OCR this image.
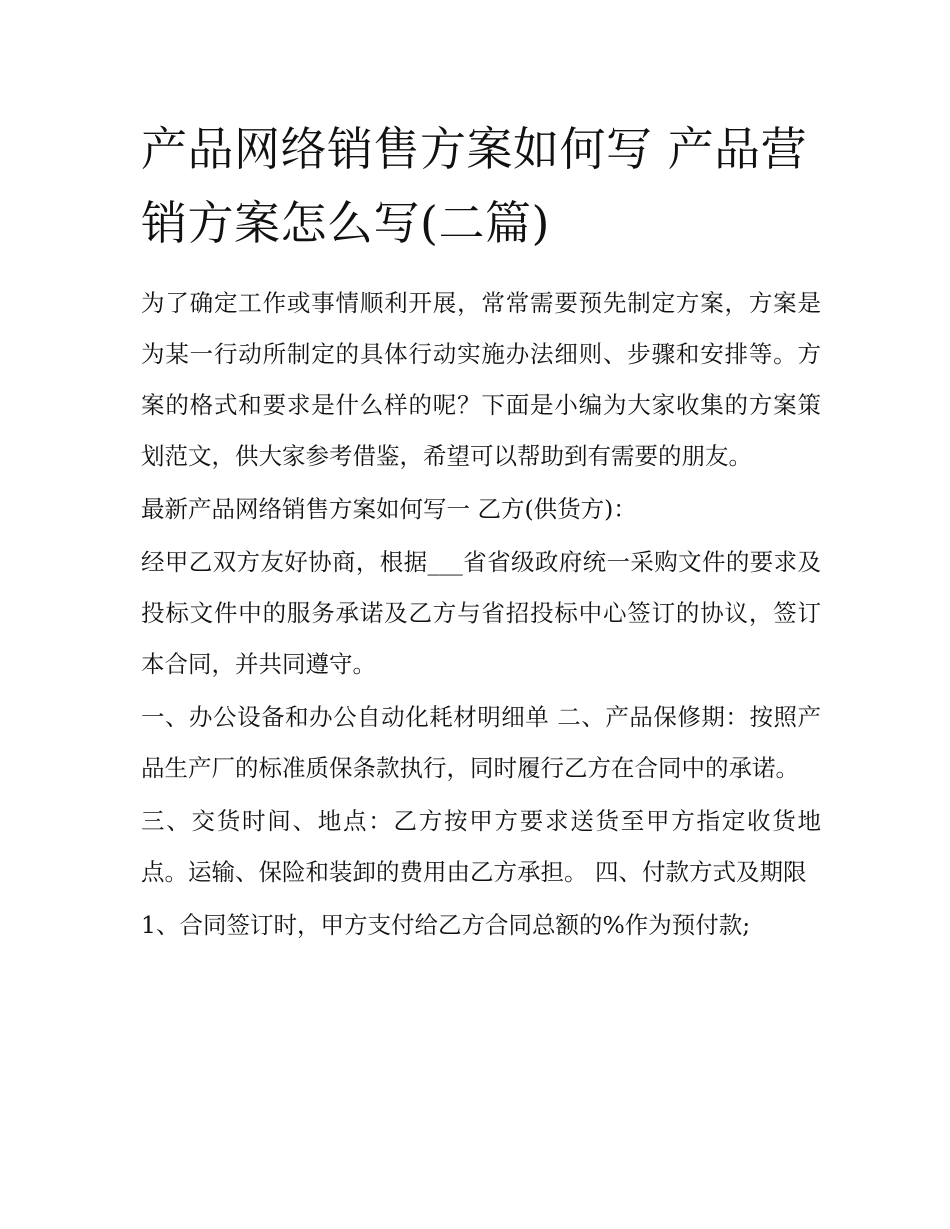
产品网络销售方案如何写 产品营销方案怎么写(二篇)

为了确定工作或事情顺利开展，常常需要预先制定方案，方案是为某一行动所制定的具体行动实施办法细则、步骤和安排等。方案的格式和要求是什么样的呢？下面是小编为大家收集的方案策划范文，供大家参考借鉴，希望可以帮助到有需要的朋友。

最新产品网络销售方案如何写一 乙方(供货方)：

经甲乙双方友好协商，根据___省省级政府统一采购文件的要求及投标文件中的服务承诺及乙方与省招投标中心签订的协议，签订本合同，并共同遵守。

一、办公设备和办公自动化耗材明细单 二、产品保修期：按照产品生产厂的标准质保条款执行，同时履行乙方在合同中的承诺。

三、交货时间、地点：乙方按甲方要求送货至甲方指定收货地点。运输、保险和装卸的费用由乙方承担。 四、付款方式及期限

1、合同签订时，甲方支付给乙方合同总额的%作为预付款;
